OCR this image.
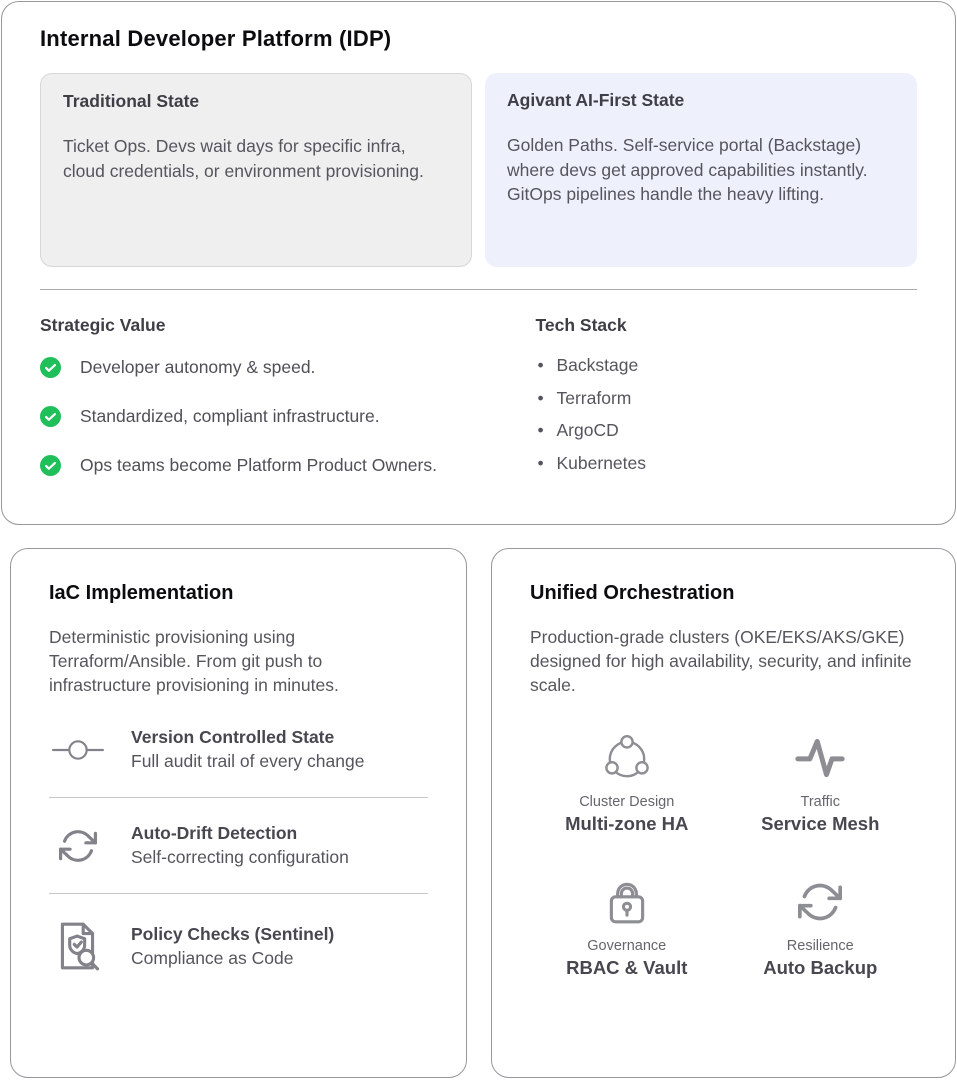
Internal Developer Platform (IDP)
Traditional State

Ticket Ops. Devs wait days for specific infra, cloud credentials, or environment provisioning.

Agivant AI-First State

Golden Paths. Self-service portal (Backstage) where devs get approved capabilities instantly. GitOps pipelines handle the heavy lifting.

Strategic Value
Developer autonomy & speed.
Standardized, compliant infrastructure.
Ops teams become Platform Product Owners.
Tech Stack
• Backstage
• Terraform
• ArgoCD
• Kubernetes
IaC Implementation

Deterministic provisioning using Terraform/Ansible. From git push to infrastructure provisioning in minutes.

Version Controlled State
Full audit trail of every change
Auto-Drift Detection
Self-correcting configuration
Policy Checks (Sentinel)
Compliance as Code
Unified Orchestration

Production-grade clusters (OKE/EKS/AKS/GKE) designed for high availability, security, and infinite scale.

Cluster Design
Multi-zone HA
Traffic
Service Mesh
Governance
RBAC & Vault
Resilience
Auto Backup
